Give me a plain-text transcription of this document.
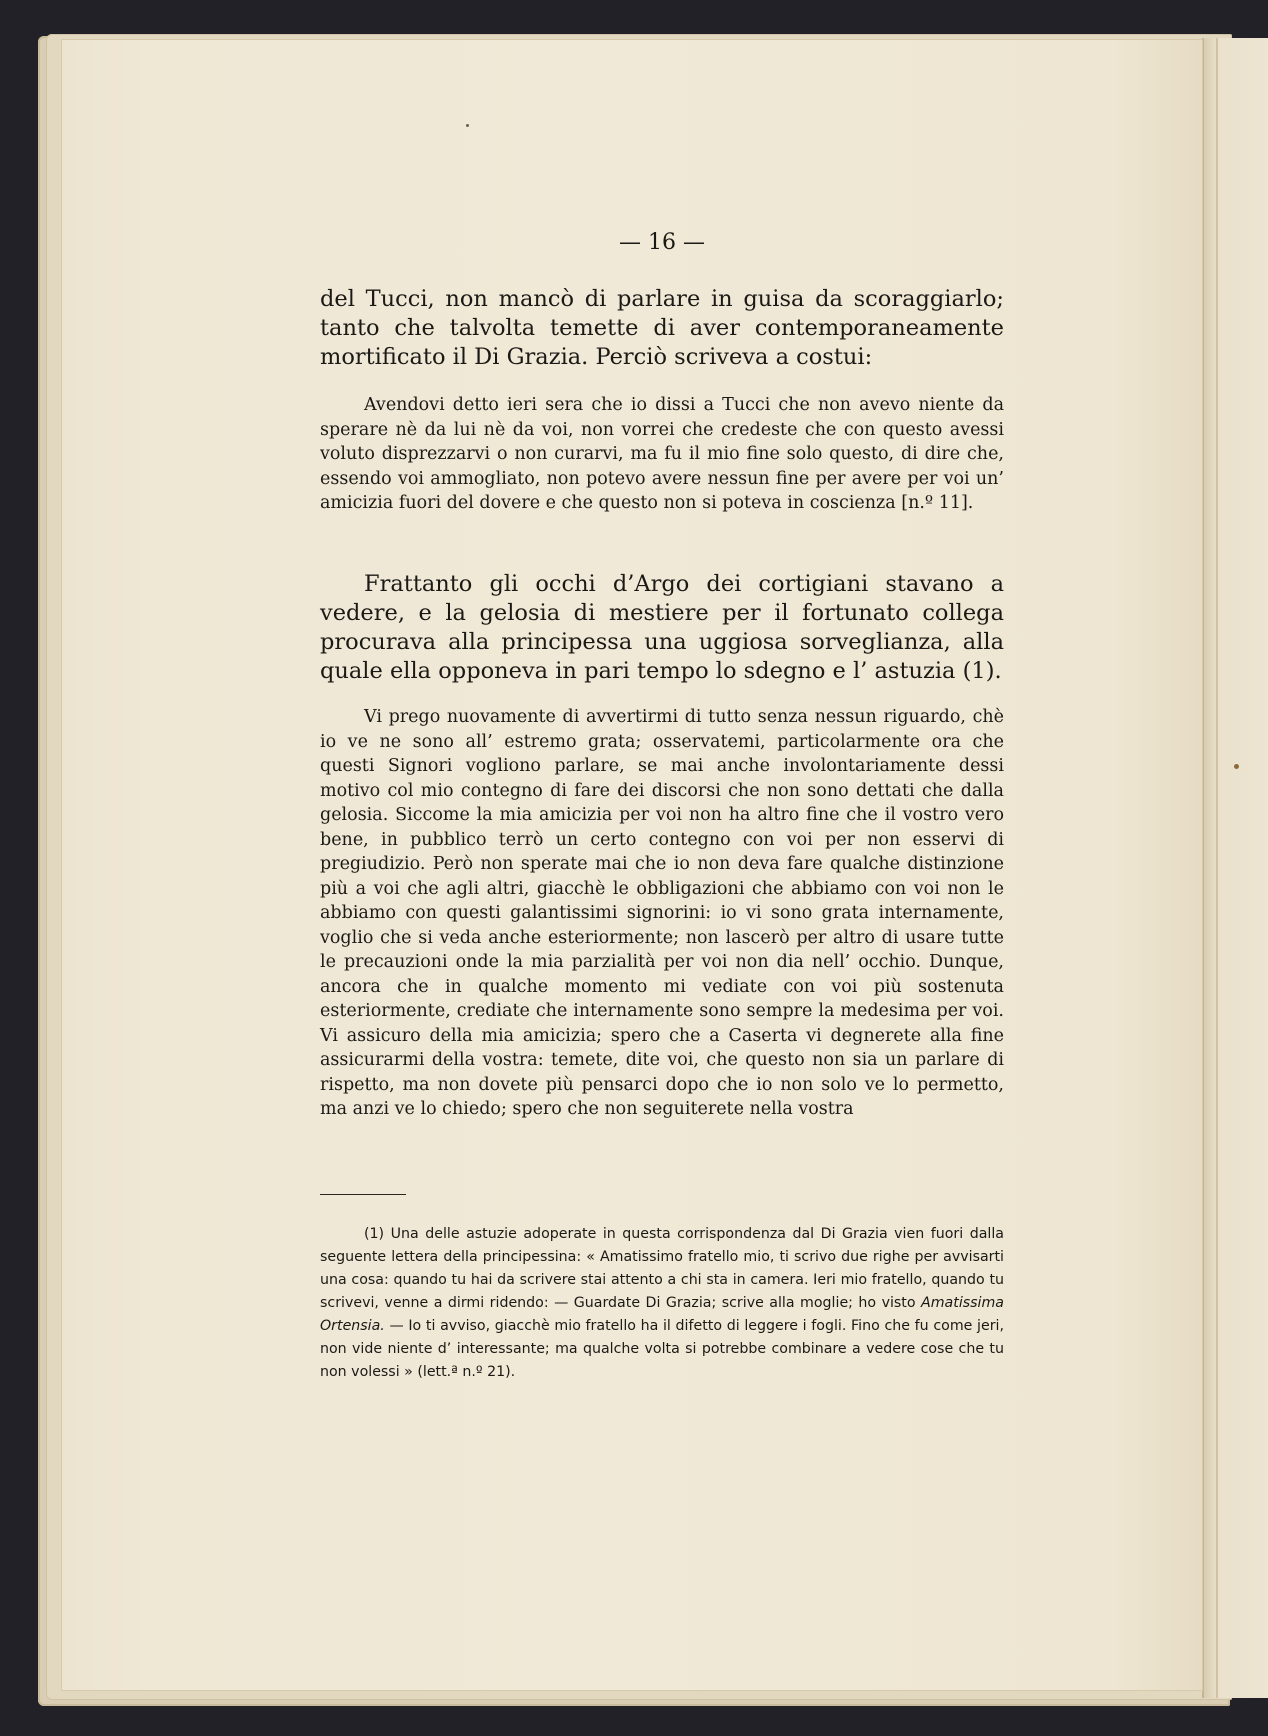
— 16 —

del Tucci, non mancò di parlare in guisa da scoraggiarlo; tanto che talvolta temette di aver contemporaneamente mortificato il Di Grazia. Perciò scriveva a costui:

Avendovi detto ieri sera che io dissi a Tucci che non avevo niente da sperare nè da lui nè da voi, non vorrei che credeste che con questo avessi voluto disprezzarvi o non curarvi, ma fu il mio fine solo questo, di dire che, essendo voi ammogliato, non potevo avere nessun fine per avere per voi un’ amicizia fuori del dovere e che questo non si poteva in coscienza [n.º 11].

Frattanto gli occhi d’Argo dei cortigiani stavano a vedere, e la gelosia di mestiere per il fortunato collega procurava alla principessa una uggiosa sorveglianza, alla quale ella opponeva in pari tempo lo sdegno e l’ astuzia (1).

Vi prego nuovamente di avvertirmi di tutto senza nessun riguardo, chè io ve ne sono all’ estremo grata; osservatemi, particolarmente ora che questi Signori vogliono parlare, se mai anche involontariamente dessi motivo col mio contegno di fare dei discorsi che non sono dettati che dalla gelosia. Siccome la mia amicizia per voi non ha altro fine che il vostro vero bene, in pubblico terrò un certo contegno con voi per non esservi di pregiudizio. Però non sperate mai che io non deva fare qualche distinzione più a voi che agli altri, giacchè le obbligazioni che abbiamo con voi non le abbiamo con questi galantissimi signorini: io vi sono grata internamente, voglio che si veda anche esteriormente; non lascerò per altro di usare tutte le precauzioni onde la mia parzialità per voi non dia nell’ occhio. Dunque, ancora che in qualche momento mi vediate con voi più sostenuta esteriormente, crediate che internamente sono sempre la medesima per voi. Vi assicuro della mia amicizia; spero che a Caserta vi degnerete alla fine assicurarmi della vostra: temete, dite voi, che questo non sia un parlare di rispetto, ma non dovete più pensarci dopo che io non solo ve lo permetto, ma anzi ve lo chiedo; spero che non seguiterete nella vostra

(1) Una delle astuzie adoperate in questa corrispondenza dal Di Grazia vien fuori dalla seguente lettera della principessina: « Amatissimo fratello mio, ti scrivo due righe per avvisarti una cosa: quando tu hai da scrivere stai attento a chi sta in camera. Ieri mio fratello, quando tu scrivevi, venne a dirmi ridendo: — Guardate Di Grazia; scrive alla moglie; ho visto Amatissima Ortensia. — Io ti avviso, giacchè mio fratello ha il difetto di leggere i fogli. Fino che fu come jeri, non vide niente d’ interessante; ma qualche volta si potrebbe combinare a vedere cose che tu non volessi » (lett.ª n.º 21).
